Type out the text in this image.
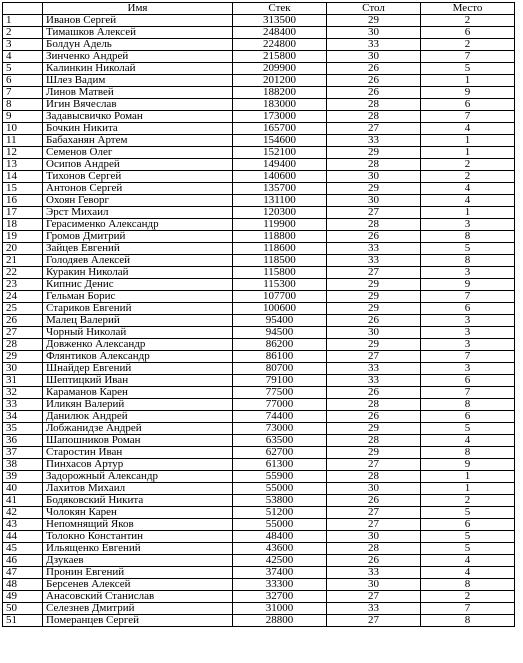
	Имя	Стек	Стол	Место
1	Иванов Сергей	313500	29	2
2	Тимашков Алексей	248400	30	6
3	Болдун Адель	224800	33	2
4	Зинченко Андрей	215800	30	7
5	Калинкин Николай	209900	26	5
6	Шлез Вадим	201200	26	1
7	Линов Матвей	188200	26	9
8	Игин Вячеслав	183000	28	6
9	Задавысвичко Роман	173000	28	7
10	Бочкин Никита	165700	27	4
11	Бабаханян Артем	154600	33	1
12	Семенов Олег	152100	29	1
13	Осипов Андрей	149400	28	2
14	Тихонов Сергей	140600	30	2
15	Антонов Сергей	135700	29	4
16	Охоян Геворг	131100	30	4
17	Эрст Михаил	120300	27	1
18	Герасименко Александр	119900	28	3
19	Громов Дмитрий	118800	26	8
20	Зайцев Евгений	118600	33	5
21	Голодяев Алексей	118500	33	8
22	Куракин Николай	115800	27	3
23	Кипнис Денис	115300	29	9
24	Гельман Борис	107700	29	7
25	Стариков Евгений	100600	29	6
26	Малец Валерий	95400	26	3
27	Чорный Николай	94500	30	3
28	Довженко Александр	86200	29	3
29	Флянтиков Александр	86100	27	7
30	Шнайдер Евгений	80700	33	3
31	Шептицкий Иван	79100	33	6
32	Караманов Карен	77500	26	7
33	Иликян Валерий	77000	28	8
34	Данилюк Андрей	74400	26	6
35	Лобжанидзе Андрей	73000	29	5
36	Шапошников Роман	63500	28	4
37	Старостин Иван	62700	29	8
38	Пинхасов Артур	61300	27	9
39	Задорожный Александр	55900	28	1
40	Лахитов Михаил	55000	30	1
41	Бодяковский Никита	53800	26	2
42	Чолокян Карен	51200	27	5
43	Непомнящий Яков	55000	27	6
44	Толокно Константин	48400	30	5
45	Ильященко Евгений	43600	28	5
46	Дзукаев	42500	26	4
47	Пронин Евгений	37400	33	4
48	Берсенев Алексей	33300	30	8
49	Анасовский Станислав	32700	27	2
50	Селезнев Дмитрий	31000	33	7
51	Померанцев Сергей	28800	27	8
